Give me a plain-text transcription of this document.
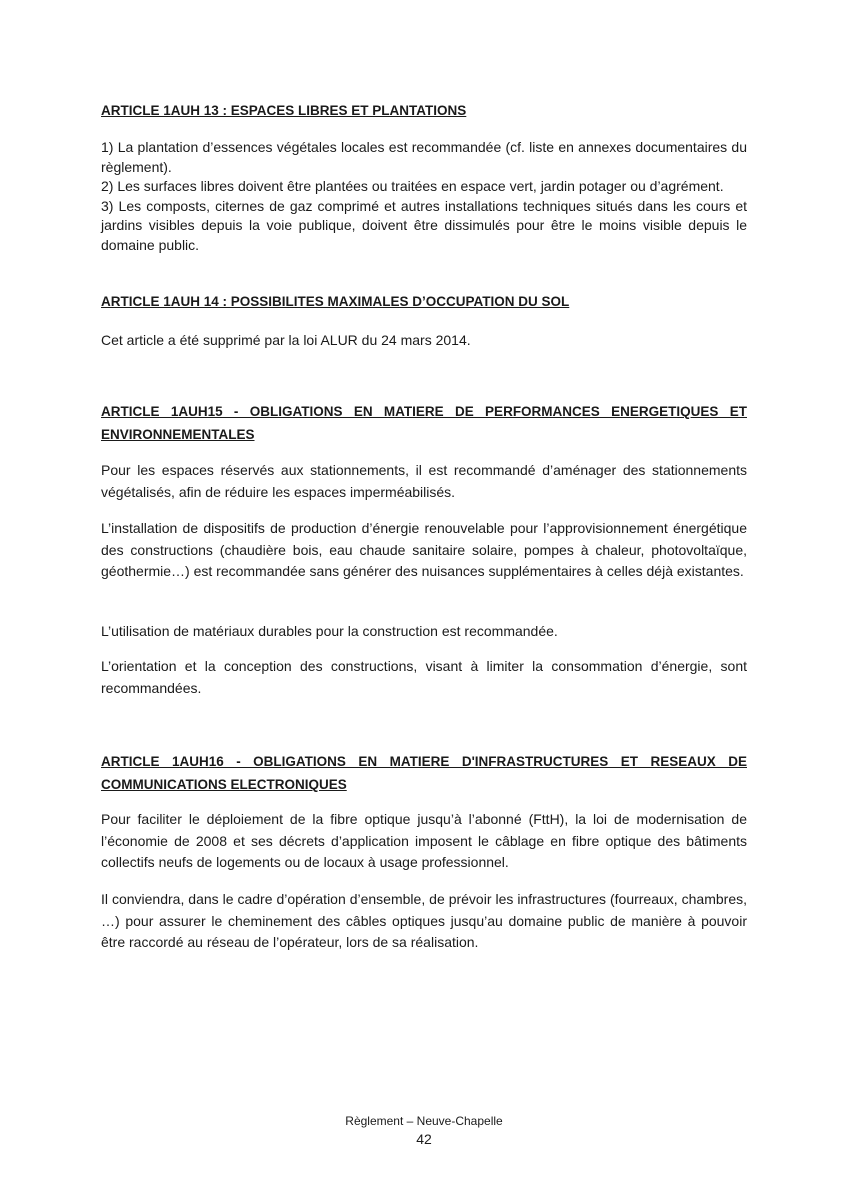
ARTICLE 1AUH 13 : ESPACES LIBRES ET PLANTATIONS
1) La plantation d’essences végétales locales est recommandée (cf. liste en annexes documentaires du règlement).
2) Les surfaces libres doivent être plantées ou traitées en espace vert, jardin potager ou d’agrément.
3) Les composts, citernes de gaz comprimé et autres installations techniques situés dans les cours et jardins visibles depuis la voie publique, doivent être dissimulés pour être le moins visible depuis le domaine public.
ARTICLE 1AUH 14 : POSSIBILITES MAXIMALES D’OCCUPATION DU SOL

Cet article a été supprimé par la loi ALUR du 24 mars 2014.

ARTICLE 1AUH15 - OBLIGATIONS EN MATIERE DE PERFORMANCES ENERGETIQUES ET
ENVIRONNEMENTALES

Pour les espaces réservés aux stationnements, il est recommandé d’aménager des stationnements végétalisés, afin de réduire les espaces imperméabilisés.

L’installation de dispositifs de production d’énergie renouvelable pour l’approvisionnement énergétique des constructions (chaudière bois, eau chaude sanitaire solaire, pompes à chaleur, photovoltaïque, géothermie…) est recommandée sans générer des nuisances supplémentaires à celles déjà existantes.

L’utilisation de matériaux durables pour la construction est recommandée.

L’orientation et la conception des constructions, visant à limiter la consommation d’énergie, sont recommandées.

ARTICLE 1AUH16 - OBLIGATIONS EN MATIERE D'INFRASTRUCTURES ET RESEAUX DE
COMMUNICATIONS ELECTRONIQUES

Pour faciliter le déploiement de la fibre optique jusqu’à l’abonné (FttH), la loi de modernisation de l’économie de 2008 et ses décrets d’application imposent le câblage en fibre optique des bâtiments collectifs neufs de logements ou de locaux à usage professionnel.

Il conviendra, dans le cadre d’opération d’ensemble, de prévoir les infrastructures (fourreaux, chambres, …) pour assurer le cheminement des câbles optiques jusqu’au domaine public de manière à pouvoir être raccordé au réseau de l’opérateur, lors de sa réalisation.

Règlement – Neuve-Chapelle
42
